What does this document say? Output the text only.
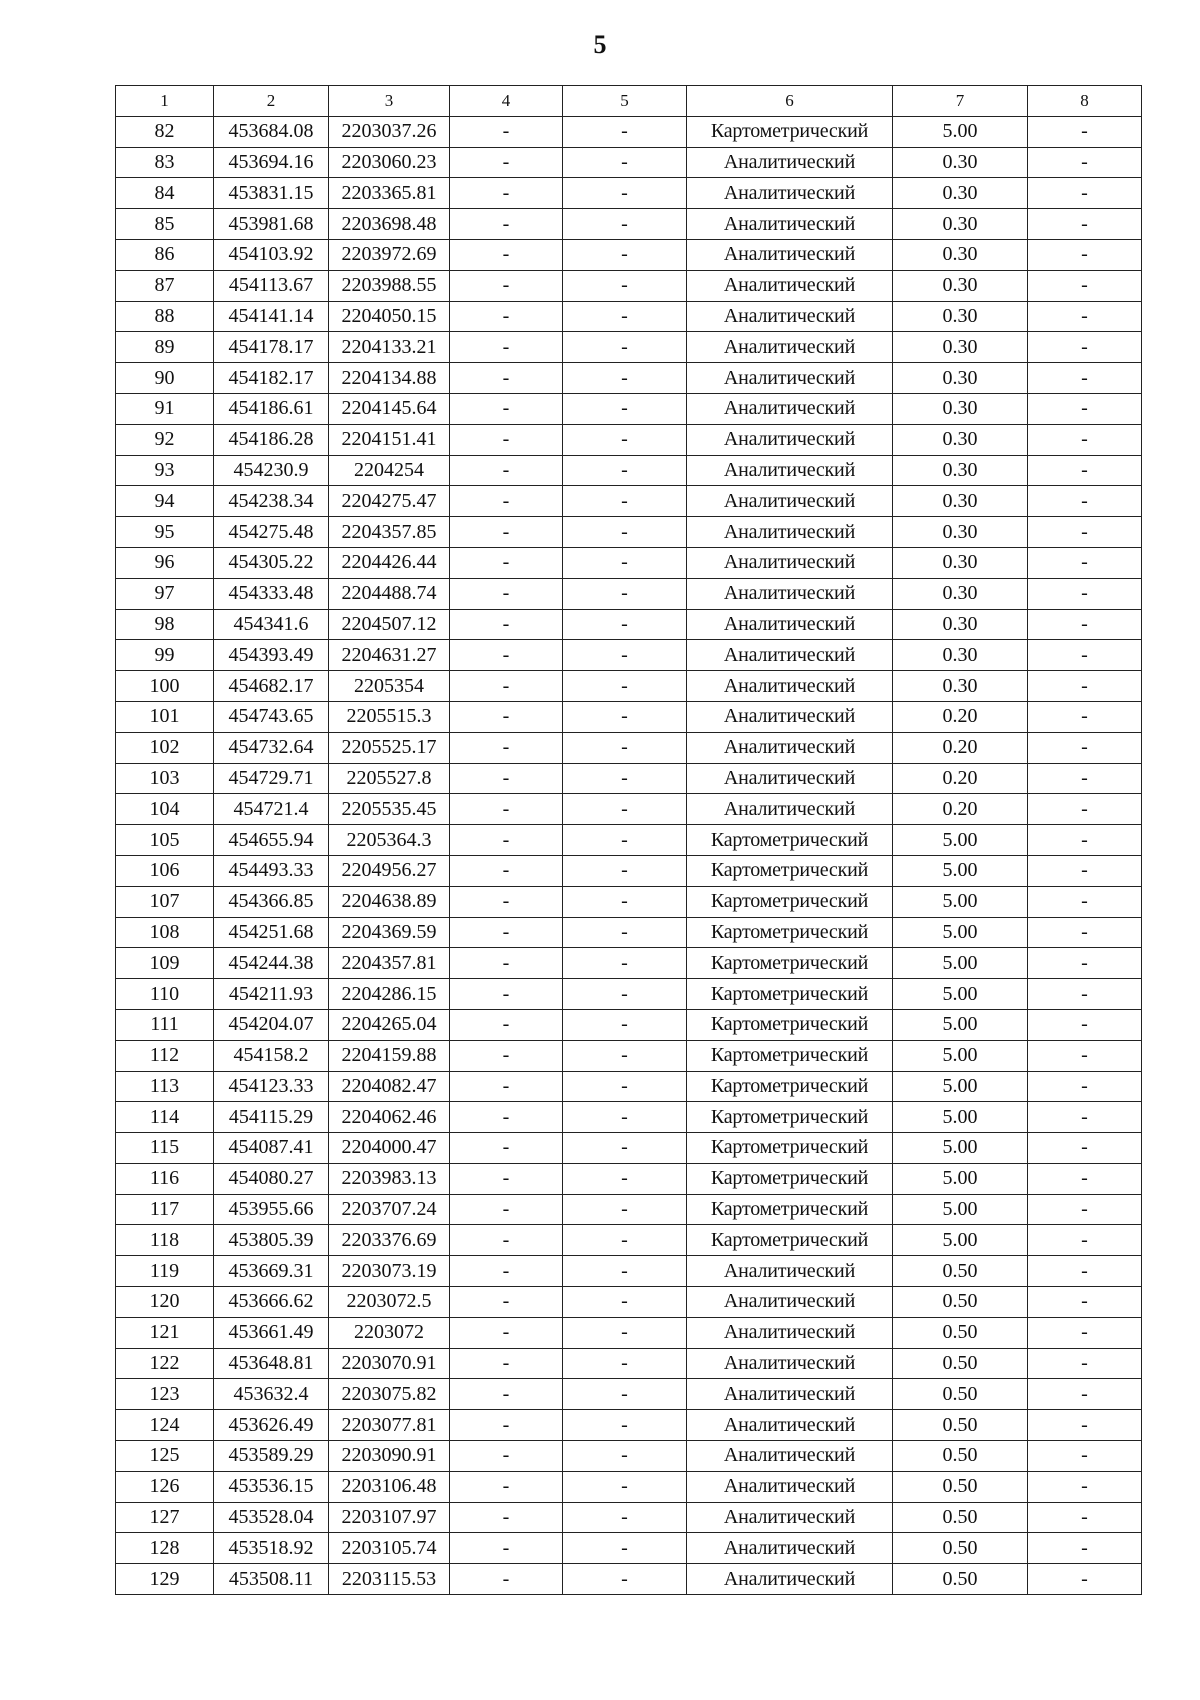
5
1	2	3	4	5	6	7	8
82	453684.08	2203037.26	-	-	Картометрический	5.00	-
83	453694.16	2203060.23	-	-	Аналитический	0.30	-
84	453831.15	2203365.81	-	-	Аналитический	0.30	-
85	453981.68	2203698.48	-	-	Аналитический	0.30	-
86	454103.92	2203972.69	-	-	Аналитический	0.30	-
87	454113.67	2203988.55	-	-	Аналитический	0.30	-
88	454141.14	2204050.15	-	-	Аналитический	0.30	-
89	454178.17	2204133.21	-	-	Аналитический	0.30	-
90	454182.17	2204134.88	-	-	Аналитический	0.30	-
91	454186.61	2204145.64	-	-	Аналитический	0.30	-
92	454186.28	2204151.41	-	-	Аналитический	0.30	-
93	454230.9	2204254	-	-	Аналитический	0.30	-
94	454238.34	2204275.47	-	-	Аналитический	0.30	-
95	454275.48	2204357.85	-	-	Аналитический	0.30	-
96	454305.22	2204426.44	-	-	Аналитический	0.30	-
97	454333.48	2204488.74	-	-	Аналитический	0.30	-
98	454341.6	2204507.12	-	-	Аналитический	0.30	-
99	454393.49	2204631.27	-	-	Аналитический	0.30	-
100	454682.17	2205354	-	-	Аналитический	0.30	-
101	454743.65	2205515.3	-	-	Аналитический	0.20	-
102	454732.64	2205525.17	-	-	Аналитический	0.20	-
103	454729.71	2205527.8	-	-	Аналитический	0.20	-
104	454721.4	2205535.45	-	-	Аналитический	0.20	-
105	454655.94	2205364.3	-	-	Картометрический	5.00	-
106	454493.33	2204956.27	-	-	Картометрический	5.00	-
107	454366.85	2204638.89	-	-	Картометрический	5.00	-
108	454251.68	2204369.59	-	-	Картометрический	5.00	-
109	454244.38	2204357.81	-	-	Картометрический	5.00	-
110	454211.93	2204286.15	-	-	Картометрический	5.00	-
111	454204.07	2204265.04	-	-	Картометрический	5.00	-
112	454158.2	2204159.88	-	-	Картометрический	5.00	-
113	454123.33	2204082.47	-	-	Картометрический	5.00	-
114	454115.29	2204062.46	-	-	Картометрический	5.00	-
115	454087.41	2204000.47	-	-	Картометрический	5.00	-
116	454080.27	2203983.13	-	-	Картометрический	5.00	-
117	453955.66	2203707.24	-	-	Картометрический	5.00	-
118	453805.39	2203376.69	-	-	Картометрический	5.00	-
119	453669.31	2203073.19	-	-	Аналитический	0.50	-
120	453666.62	2203072.5	-	-	Аналитический	0.50	-
121	453661.49	2203072	-	-	Аналитический	0.50	-
122	453648.81	2203070.91	-	-	Аналитический	0.50	-
123	453632.4	2203075.82	-	-	Аналитический	0.50	-
124	453626.49	2203077.81	-	-	Аналитический	0.50	-
125	453589.29	2203090.91	-	-	Аналитический	0.50	-
126	453536.15	2203106.48	-	-	Аналитический	0.50	-
127	453528.04	2203107.97	-	-	Аналитический	0.50	-
128	453518.92	2203105.74	-	-	Аналитический	0.50	-
129	453508.11	2203115.53	-	-	Аналитический	0.50	-
